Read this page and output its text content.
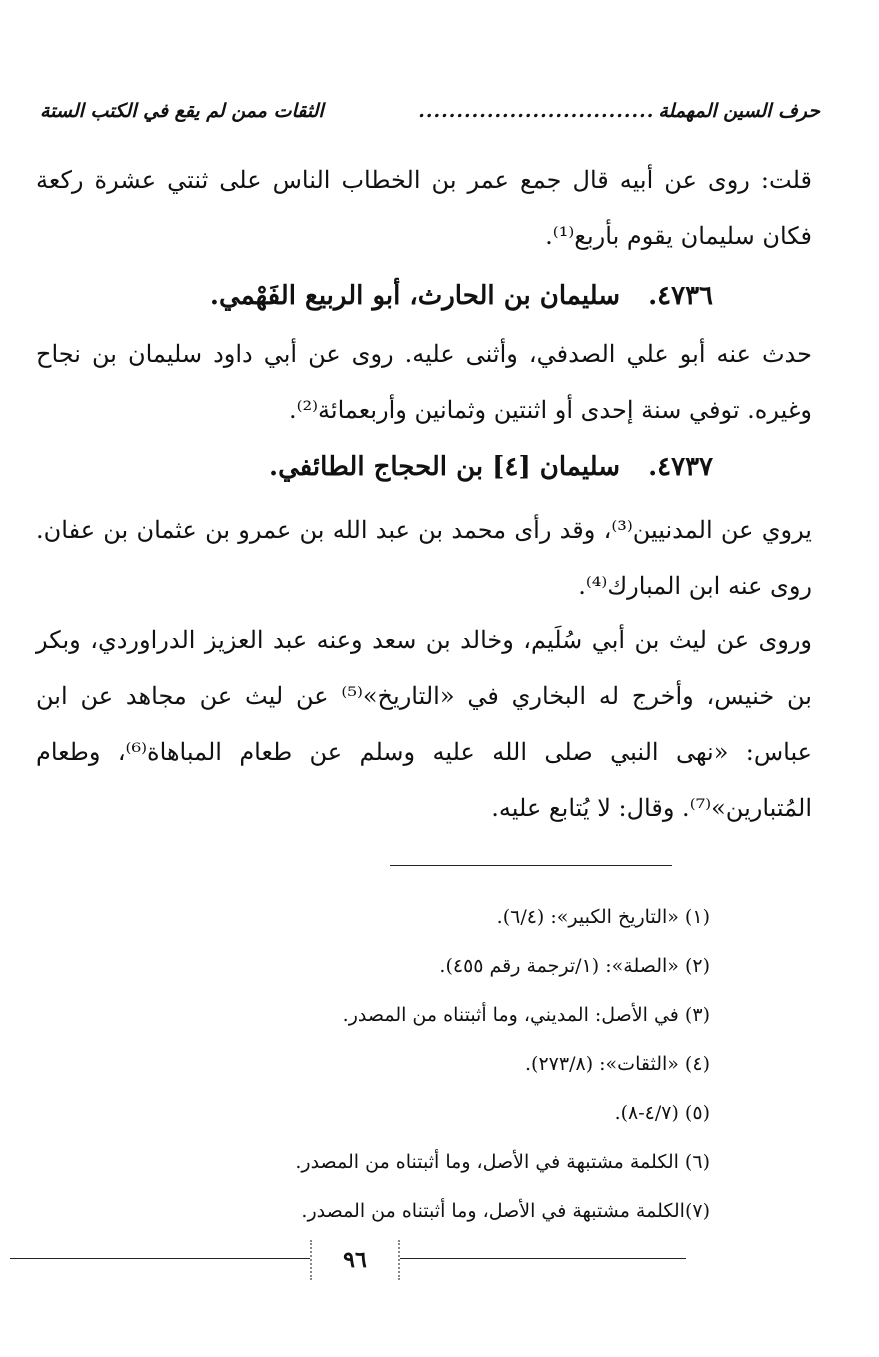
حرف السين المهملة
...............................
الثقات ممن لم يقع في الكتب الستة

قلت: روى عن أبيه قال جمع عمر بن الخطاب الناس على ثنتي عشرة ركعة فكان سليمان يقوم بأربع⁽¹⁾.

٤٧٣٦.سليمان بن الحارث، أبو الربيع الفَهْمي.

حدث عنه أبو علي الصدفي، وأثنى عليه. روى عن أبي داود سليمان بن نجاح وغيره. توفي سنة إحدى أو اثنتين وثمانين وأربعمائة⁽²⁾.

٤٧٣٧.سليمان [٤] بن الحجاج الطائفي.

يروي عن المدنيين⁽³⁾، وقد رأى محمد بن عبد الله بن عمرو بن عثمان بن عفان. روى عنه ابن المبارك⁽⁴⁾.

وروى عن ليث بن أبي سُلَيم، وخالد بن سعد وعنه عبد العزيز الدراوردي، وبكر بن خنيس، وأخرج له البخاري في «التاريخ»⁽⁵⁾ عن ليث عن مجاهد عن ابن عباس: «نهى النبي صلى الله عليه وسلم عن طعام المباهاة⁽⁶⁾، وطعام المُتبارين»⁽⁷⁾. وقال: لا يُتابع عليه.

(١) «التاريخ الكبير»: (٦/٤).
(٢) «الصلة»: (١/ترجمة رقم ٤٥٥).
(٣) في الأصل: المديني، وما أثبتناه من المصدر.
(٤) «الثقات»: (٢٧٣/٨).
(٥) (٤/٧-٨).
(٦) الكلمة مشتبهة في الأصل، وما أثبتناه من المصدر.
(٧)الكلمة مشتبهة في الأصل، وما أثبتناه من المصدر.
٩٦
